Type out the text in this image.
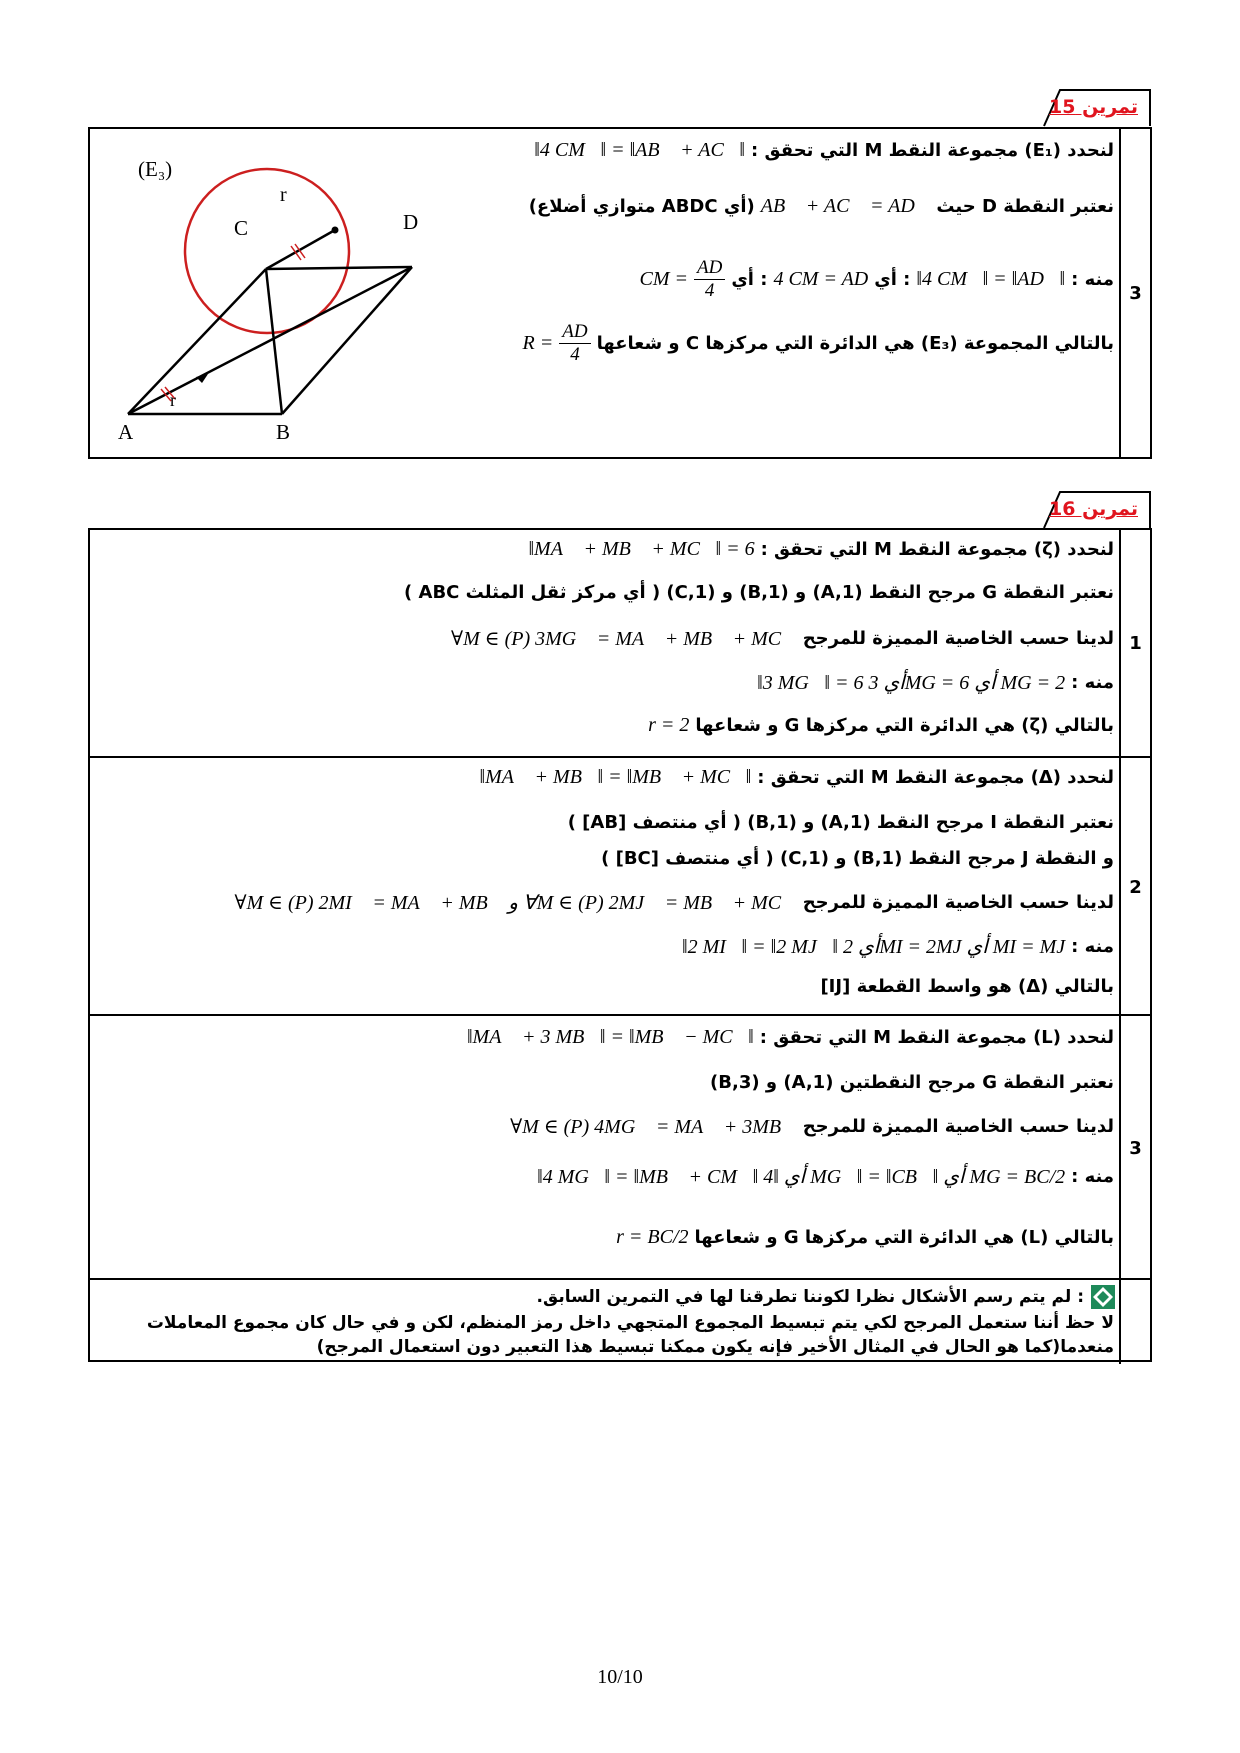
تمرين 15
3
لنحدد (E₁) مجموعة النقط M التي تحقق :
‖4 CM⃗‖ = ‖AB⃗ + AC⃗‖
نعتبر النقطة D حيث
AB⃗ + AC⃗ = AD⃗
(أي ABDC متوازي أضلاع)
منه :
‖4 CM⃗‖ = ‖AD⃗‖
: أي
4 CM = AD
: أي
$\frac{AD}{4}$
CM =
بالتالي المجموعة (E₃) هي الدائرة التي مركزها C و شعاعها
$\frac{AD}{4}$
R =
(E₃)
r
r
C	D
A	B
تمرين 16
1
لنحدد (ζ) مجموعة النقط M التي تحقق :
‖MA⃗ + MB⃗ + MC⃗‖ = 6
نعتبر النقطة G مرجح النقط (A,1) و (B,1) و (C,1) ( أي مركز ثقل المثلث ABC )
لدينا حسب الخاصية المميزة للمرجح
∀M ∈ (P) 3MG⃗ = MA⃗ + MB⃗ + MC⃗
منه :
‖3 MG⃗‖ = 6 أي 3MG = 6 أي MG = 2
بالتالي (ζ) هي الدائرة التي مركزها G و شعاعها
r = 2
2
لنحدد (Δ) مجموعة النقط M التي تحقق :
‖MA⃗ + MB⃗‖ = ‖MB⃗ + MC⃗‖
نعتبر النقطة I مرجح النقط (A,1) و (B,1) ( أي منتصف [AB] )
و النقطة J مرجح النقط (B,1) و (C,1) ( أي منتصف [BC] )
لدينا حسب الخاصية المميزة للمرجح
∀M ∈ (P) 2MI⃗ = MA⃗ + MB⃗ و ∀M ∈ (P) 2MJ⃗ = MB⃗ + MC⃗
منه :
‖2 MI⃗‖ = ‖2 MJ⃗‖ أي 2MI = 2MJ أي MI = MJ
بالتالي (Δ) هو واسط القطعة [IJ]
3
لنحدد (L) مجموعة النقط M التي تحقق :
‖MA⃗ + 3 MB⃗‖ = ‖MB⃗ − MC⃗‖
نعتبر النقطة G مرجح النقطتين (A,1) و (B,3)
لدينا حسب الخاصية المميزة للمرجح
∀M ∈ (P) 4MG⃗ = MA⃗ + 3MB⃗
منه :
‖4 MG⃗‖ = ‖MB⃗ + CM⃗‖ أي ‖4 MG⃗‖ = ‖CB⃗‖ أي MG = BC/2
بالتالي (L) هي الدائرة التي مركزها G و شعاعها
r = BC/2
: لم يتم رسم الأشكال نظرا لكوننا تطرقنا لها في التمرين السابق.
لا حظ أننا ستعمل المرجح لكي يتم تبسيط المجموع المتجهي داخل رمز المنظم، لكن و في حال كان مجموع المعاملات
منعدما(كما هو الحال في المثال الأخير فإنه يكون ممكنا تبسيط هذا التعبير دون استعمال المرجح)
10/10
